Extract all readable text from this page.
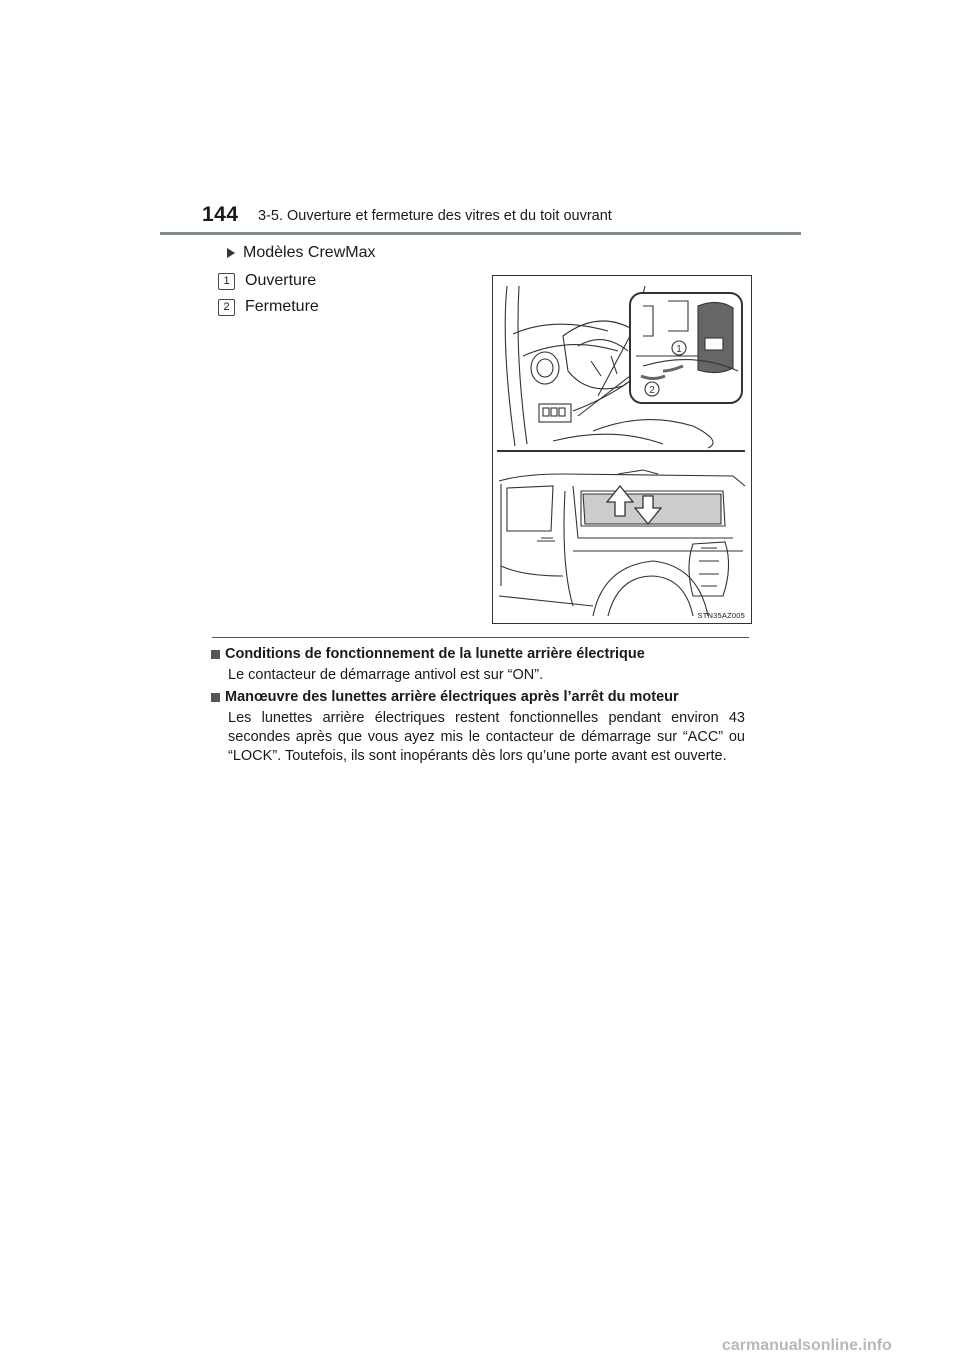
144 3-5. Ouverture et fermeture des vitres et du toit ouvrant
Modèles CrewMax
1 Ouverture
2 Fermeture
1
2
STN35AZ005
Conditions de fonctionnement de la lunette arrière électrique
Le contacteur de démarrage antivol est sur “ON”.
Manœuvre des lunettes arrière électriques après l’arrêt du moteur
Les lunettes arrière électriques restent fonctionnelles pendant environ 43 secondes après que vous ayez mis le contacteur de démarrage sur “ACC” ou “LOCK”. Toutefois, ils sont inopérants dès lors qu’une porte avant est ouverte.
carmanualsonline.info
